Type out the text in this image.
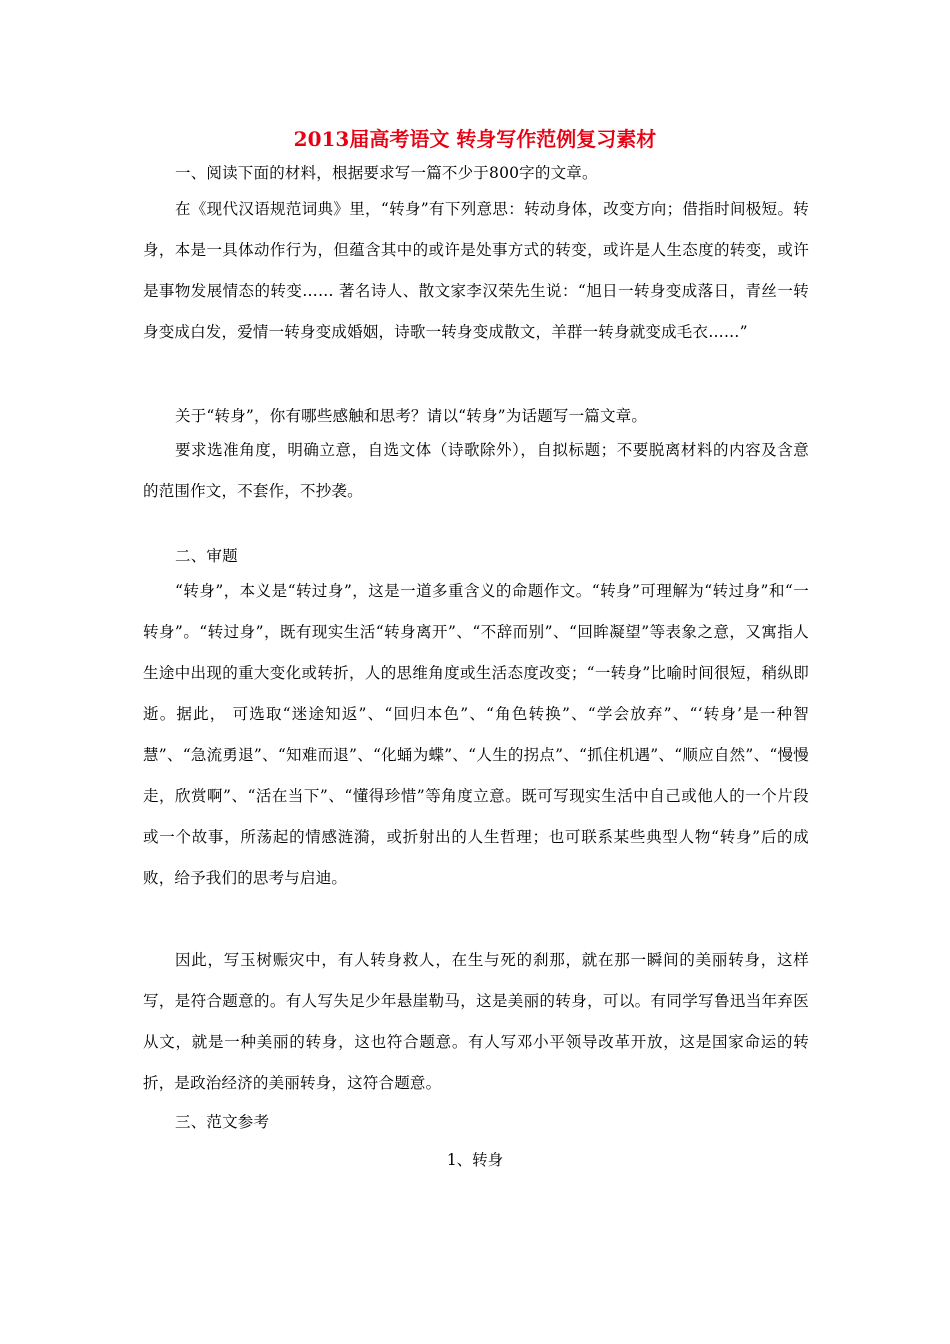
2013届高考语文 转身写作范例复习素材
一、阅读下面的材料，根据要求写一篇不少于800字的文章。
在《现代汉语规范词典》里，“转身”有下列意思：转动身体，改变方向；借指时间极短。转身，本是一具体动作行为，但蕴含其中的或许是处事方式的转变，或许是人生态度的转变，或许是事物发展情态的转变…… 著名诗人、散文家李汉荣先生说：“旭日一转身变成落日，青丝一转身变成白发，爱情一转身变成婚姻，诗歌一转身变成散文，羊群一转身就变成毛衣……”
关于“转身”，你有哪些感触和思考？请以“转身”为话题写一篇文章。
要求选准角度，明确立意，自选文体（诗歌除外），自拟标题；不要脱离材料的内容及含意的范围作文，不套作，不抄袭。
二、审题
“转身”，本义是“转过身”，这是一道多重含义的命题作文。“转身”可理解为“转过身”和“一转身”。“转过身”，既有现实生活“转身离开”、“不辞而别”、“回眸凝望”等表象之意，又寓指人生途中出现的重大变化或转折，人的思维角度或生活态度改变；“一转身”比喻时间很短，稍纵即逝。据此， 可选取“迷途知返”、“回归本色”、“角色转换”、“学会放弃”、“‘转身’是一种智慧”、“急流勇退”、“知难而退”、“化蛹为蝶”、“人生的拐点”、“抓住机遇”、“顺应自然”、“慢慢走，欣赏啊”、“活在当下”、“懂得珍惜”等角度立意。既可写现实生活中自己或他人的一个片段或一个故事，所荡起的情感涟漪，或折射出的人生哲理；也可联系某些典型人物“转身”后的成败，给予我们的思考与启迪。
因此，写玉树赈灾中，有人转身救人，在生与死的刹那，就在那一瞬间的美丽转身，这样写，是符合题意的。有人写失足少年悬崖勒马，这是美丽的转身，可以。有同学写鲁迅当年弃医从文，就是一种美丽的转身，这也符合题意。有人写邓小平领导改革开放，这是国家命运的转折，是政治经济的美丽转身，这符合题意。
三、范文参考
1、转身
